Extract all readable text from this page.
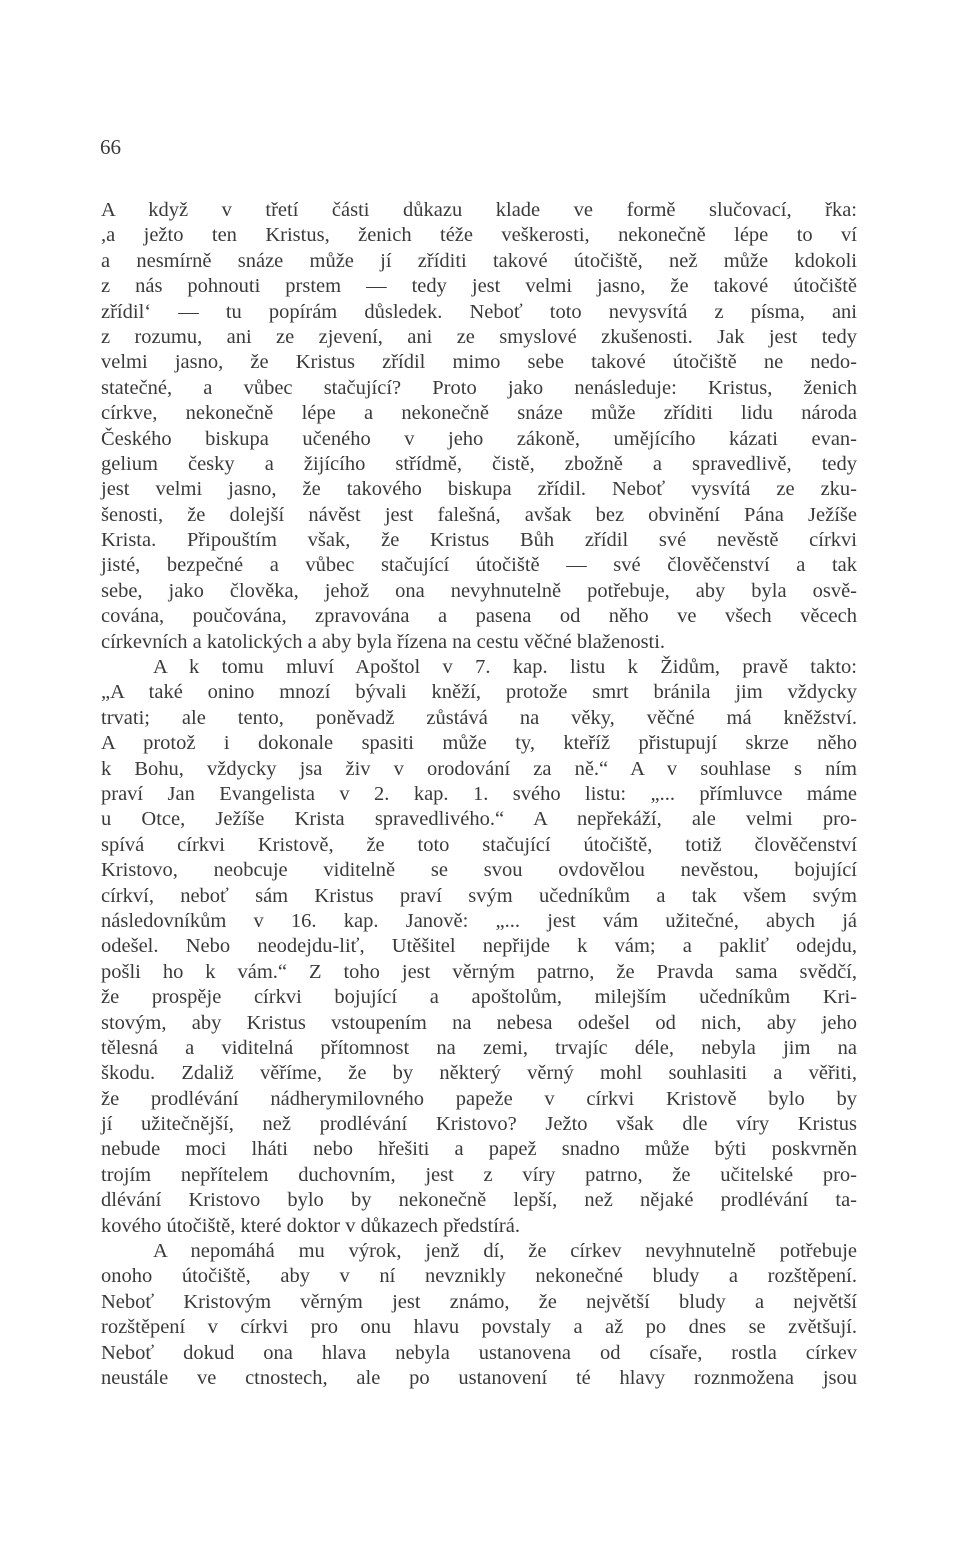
66
A když v třetí části důkazu klade ve formě slučovací, řka:
,a ježto ten Kristus, ženich téže veškerosti, nekonečně lépe to ví
a nesmírně snáze může jí zříditi takové útočiště, než může kdokoli
z nás pohnouti prstem — tedy jest velmi jasno, že takové útočiště
zřídil‘ — tu popírám důsledek. Neboť toto nevysvítá z písma, ani
z rozumu, ani ze zjevení, ani ze smyslové zkušenosti. Jak jest tedy
velmi jasno, že Kristus zřídil mimo sebe takové útočiště ne nedo-
statečné, a vůbec stačující? Proto jako nenásleduje: Kristus, ženich
církve, nekonečně lépe a nekonečně snáze může zříditi lidu národa
Českého biskupa učeného v jeho zákoně, umějícího kázati evan-
gelium česky a žijícího střídmě, čistě, zbožně a spravedlivě, tedy
jest velmi jasno, že takového biskupa zřídil. Neboť vysvítá ze zku-
šenosti, že dolejší návěst jest falešná, avšak bez obvinění Pána Ježíše
Krista. Připouštím však, že Kristus Bůh zřídil své nevěstě církvi
jisté, bezpečné a vůbec stačující útočiště — své člověčenství a tak
sebe, jako člověka, jehož ona nevyhnutelně potřebuje, aby byla osvě-
cována, poučována, zpravována a pasena od něho ve všech věcech
církevních a katolických a aby byla řízena na cestu věčné blaženosti.
A k tomu mluví Apoštol v 7. kap. listu k Židům, pravě takto:
„A také onino mnozí bývali kněží, protože smrt bránila jim vždycky
trvati; ale tento, poněvadž zůstává na věky, věčné má kněžství.
A protož i dokonale spasiti může ty, kteříž přistupují skrze něho
k Bohu, vždycky jsa živ v orodování za ně.“ A v souhlase s ním
praví Jan Evangelista v 2. kap. 1. svého listu: „... přímluvce máme
u Otce, Ježíše Krista spravedlivého.“ A nepřekáží, ale velmi pro-
spívá církvi Kristově, že toto stačující útočiště, totiž člověčenství
Kristovo, neobcuje viditelně se svou ovdovělou nevěstou, bojující
církví, neboť sám Kristus praví svým učedníkům a tak všem svým
následovníkům v 16. kap. Janově: „... jest vám užitečné, abych já
odešel. Nebo neodejdu-liť, Utěšitel nepřijde k vám; a pakliť odejdu,
pošli ho k vám.“ Z toho jest věrným patrno, že Pravda sama svědčí,
že prospěje církvi bojující a apoštolům, milejším učedníkům Kri-
stovým, aby Kristus vstoupením na nebesa odešel od nich, aby jeho
tělesná a viditelná přítomnost na zemi, trvajíc déle, nebyla jim na
škodu. Zdaliž věříme, že by některý věrný mohl souhlasiti a věřiti,
že prodlévání nádherymilovného papeže v církvi Kristově bylo by
jí užitečnější, než prodlévání Kristovo? Ježto však dle víry Kristus
nebude moci lháti nebo hřešiti a papež snadno může býti poskvrněn
trojím nepřítelem duchovním, jest z víry patrno, že učitelské pro-
dlévání Kristovo bylo by nekonečně lepší, než nějaké prodlévání ta-
kového útočiště, které doktor v důkazech předstírá.
A nepomáhá mu výrok, jenž dí, že církev nevyhnutelně potřebuje
onoho útočiště, aby v ní nevznikly nekonečné bludy a rozštěpení.
Neboť Kristovým věrným jest známo, že největší bludy a největší
rozštěpení v církvi pro onu hlavu povstaly a až po dnes se zvětšují.
Neboť dokud ona hlava nebyla ustanovena od císaře, rostla církev
neustále ve ctnostech, ale po ustanovení té hlavy roznmožena jsou
